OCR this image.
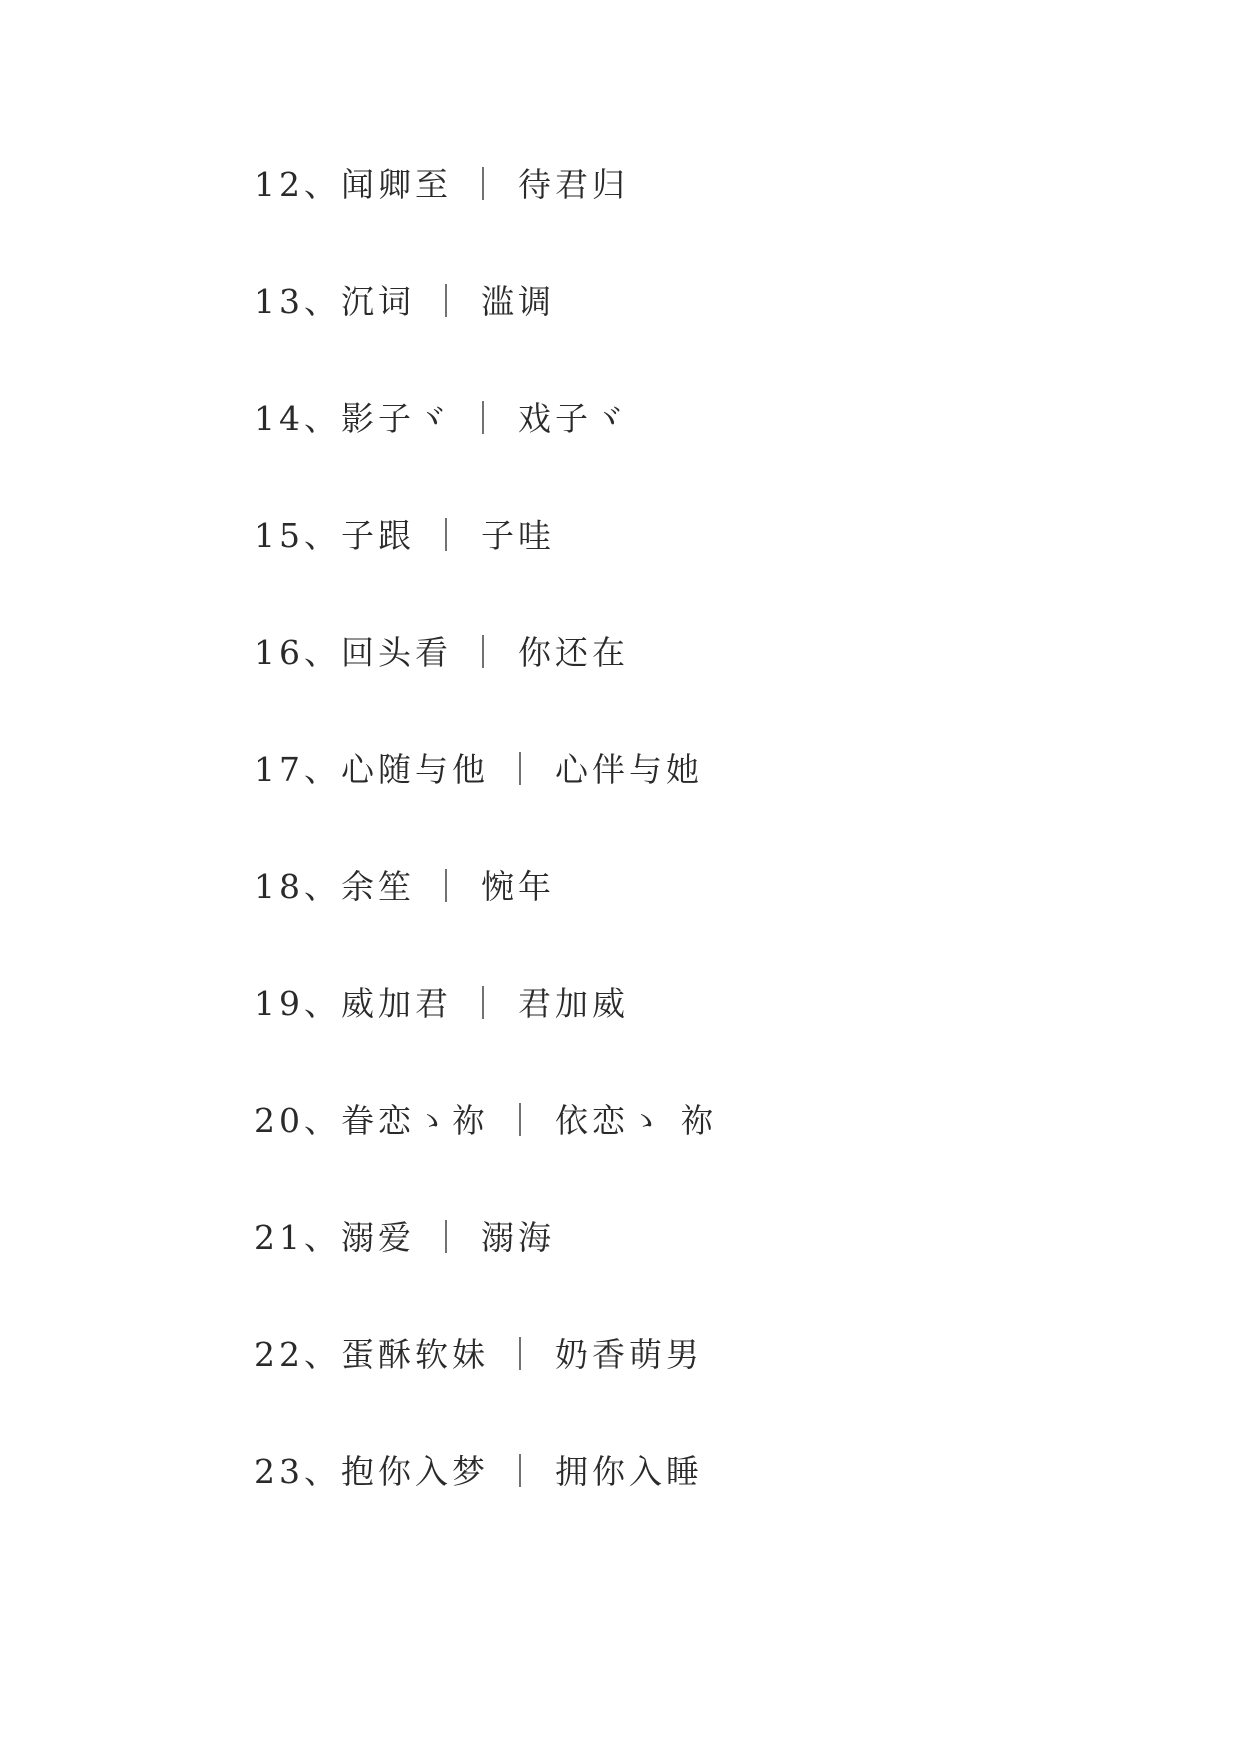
12、闻卿至 ｜ 待君归
13、沉词 ｜ 滥调
14、影子ヾ ｜ 戏子ヾ
15、子跟 ｜ 子哇
16、回头看 ｜ 你还在
17、心随与他 ｜ 心伴与她
18、余笙 ｜ 惋年
19、威加君 ｜ 君加威
20、眷恋ゝ祢 ｜ 依恋ゝ 祢
21、溺爱 ｜ 溺海
22、蛋酥软妹 ｜ 奶香萌男
23、抱你入梦 ｜ 拥你入睡
